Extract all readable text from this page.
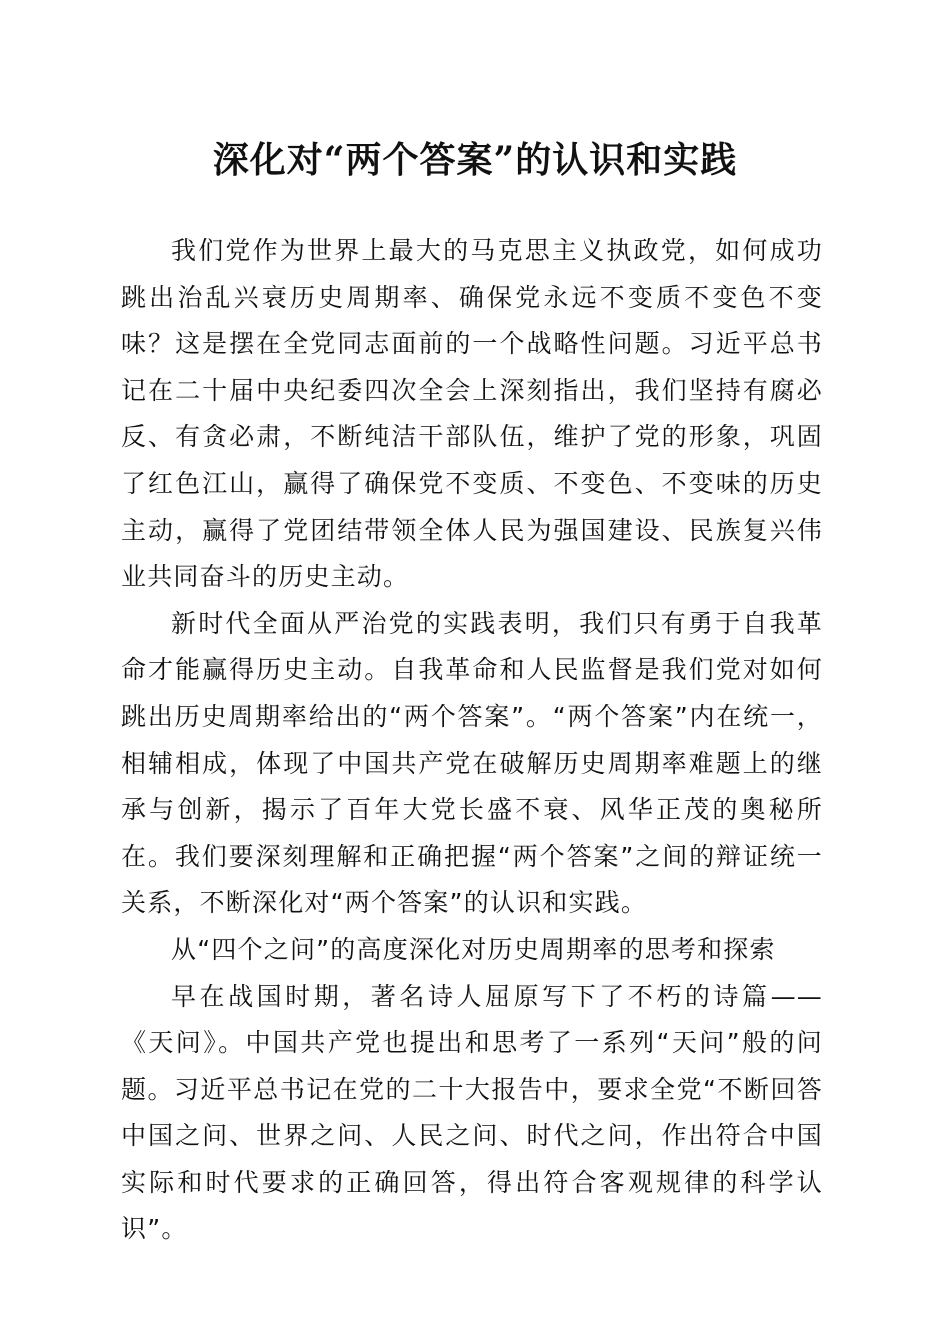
深化对“两个答案”的认识和实践

我们党作为世界上最大的马克思主义执政党，如何成功跳出治乱兴衰历史周期率、确保党永远不变质不变色不变味？这是摆在全党同志面前的一个战略性问题。习近平总书记在二十届中央纪委四次全会上深刻指出，我们坚持有腐必反、有贪必肃，不断纯洁干部队伍，维护了党的形象，巩固了红色江山，赢得了确保党不变质、不变色、不变味的历史主动，赢得了党团结带领全体人民为强国建设、民族复兴伟业共同奋斗的历史主动。

新时代全面从严治党的实践表明，我们只有勇于自我革命才能赢得历史主动。自我革命和人民监督是我们党对如何跳出历史周期率给出的“两个答案”。“两个答案”内在统一，相辅相成，体现了中国共产党在破解历史周期率难题上的继承与创新，揭示了百年大党长盛不衰、风华正茂的奥秘所在。我们要深刻理解和正确把握“两个答案”之间的辩证统一关系，不断深化对“两个答案”的认识和实践。

从“四个之问”的高度深化对历史周期率的思考和探索

早在战国时期，著名诗人屈原写下了不朽的诗篇——《天问》。中国共产党也提出和思考了一系列“天问”般的问题。习近平总书记在党的二十大报告中，要求全党“不断回答中国之问、世界之问、人民之问、时代之问，作出符合中国实际和时代要求的正确回答，得出符合客观规律的科学认识”。
